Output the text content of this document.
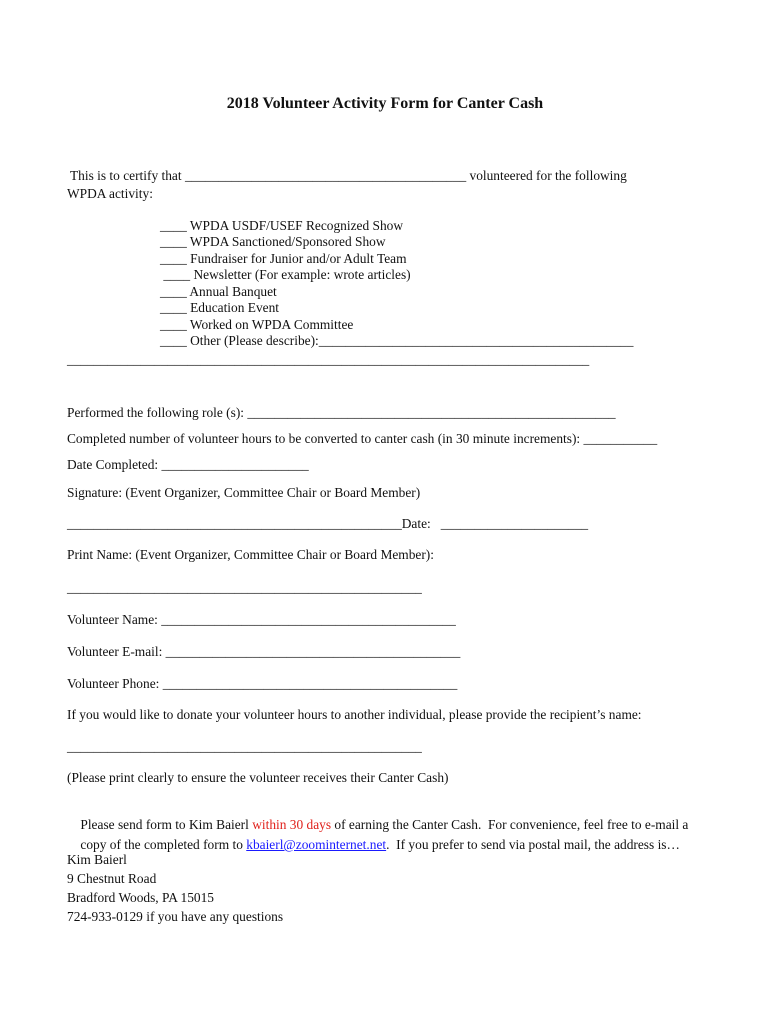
2018 Volunteer Activity Form for Canter Cash
This is to certify that __________________________________________ volunteered for the following
WPDA activity:
____ WPDA USDF/USEF Recognized Show
____ WPDA Sanctioned/Sponsored Show
____ Fundraiser for Junior and/or Adult Team
____ Newsletter (For example: wrote articles)
____ Annual Banquet
____ Education Event
____ Worked on WPDA Committee
____ Other (Please describe):_______________________________________________
______________________________________________________________________________
Performed the following role (s): _______________________________________________________
Completed number of volunteer hours to be converted to canter cash (in 30 minute increments): ___________
Date Completed: ______________________
Signature: (Event Organizer, Committee Chair or Board Member)
__________________________________________________Date:   ______________________
Print Name: (Event Organizer, Committee Chair or Board Member):
_____________________________________________________
Volunteer Name: ____________________________________________
Volunteer E-mail: ____________________________________________
Volunteer Phone: ____________________________________________
If you would like to donate your volunteer hours to another individual, please provide the recipient’s name:
_____________________________________________________
(Please print clearly to ensure the volunteer receives their Canter Cash)

Please send form to Kim Baierl within 30 days of earning the Canter Cash.  For convenience, feel free to e-mail a

copy of the completed form to kbaierl@zoominternet.net.  If you prefer to send via postal mail, the address is…

Kim Baierl
9 Chestnut Road
Bradford Woods, PA 15015
724-933-0129 if you have any questions
